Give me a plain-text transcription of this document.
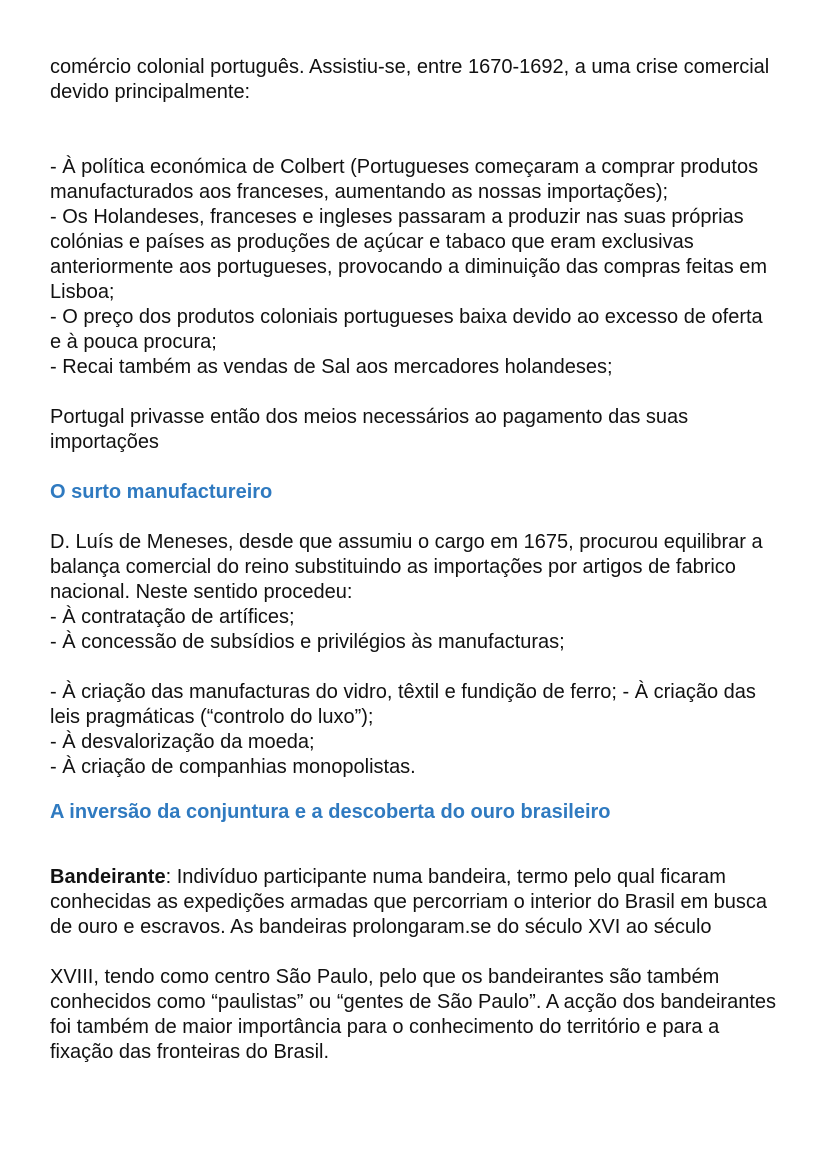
comércio colonial português. Assistiu-se, entre 1670-1692, a uma crise comercial devido principalmente:

- À política económica de Colbert (Portugueses começaram a comprar produtos manufacturados aos franceses, aumentando as nossas importações);
- Os Holandeses, franceses e ingleses passaram a produzir nas suas próprias colónias e países as produções de açúcar e tabaco que eram exclusivas anteriormente aos portugueses, provocando a diminuição das compras feitas em Lisboa;
- O preço dos produtos coloniais portugueses baixa devido ao excesso de oferta e à pouca procura;
- Recai também as vendas de Sal aos mercadores holandeses;

Portugal privasse então dos meios necessários ao pagamento das suas importações

O surto manufactureiro

D. Luís de Meneses, desde que assumiu o cargo em 1675, procurou equilibrar a balança comercial do reino substituindo as importações por artigos de fabrico nacional. Neste sentido procedeu:

- À contratação de artífices;
- À concessão de subsídios e privilégios às manufacturas;
- À criação das manufacturas do vidro, têxtil e fundição de ferro; - À criação das leis pragmáticas (“controlo do luxo”);
- À desvalorização da moeda;
- À criação de companhias monopolistas.
A inversão da conjuntura e a descoberta do ouro brasileiro

Bandeirante: Indivíduo participante numa bandeira, termo pelo qual ficaram conhecidas as expedições armadas que percorriam o interior do Brasil em busca de ouro e escravos. As bandeiras prolongaram.se do século XVI ao século

XVIII, tendo como centro São Paulo, pelo que os bandeirantes são também conhecidos como “paulistas” ou “gentes de São Paulo”. A acção dos bandeirantes foi também de maior importância para o conhecimento do território e para a fixação das fronteiras do Brasil.
